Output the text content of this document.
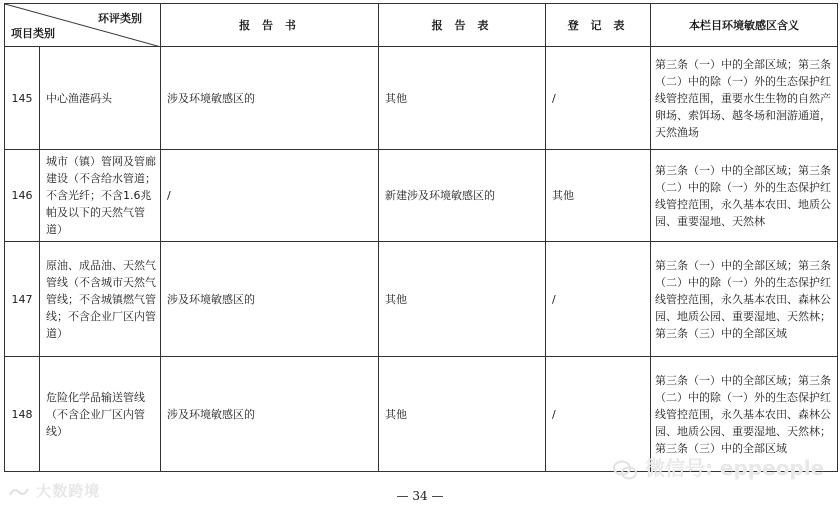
环评类别
项目类别		报 告 书	报 告 表	登 记 表	本栏目环境敏感区含义
145	中心渔港码头	涉及环境敏感区的	其他	/	第三条（一）中的全部区域；第三条（二）中的除（一）外的生态保护红线管控范围，重要水生生物的自然产卵场、索饵场、越冬场和洄游通道，天然渔场
146	城市（镇）管网及管廊建设（不含给水管道；不含光纤；不含1.6兆帕及以下的天然气管道）	/	新建涉及环境敏感区的	其他	第三条（一）中的全部区域；第三条（二）中的除（一）外的生态保护红线管控范围，永久基本农田、地质公园、重要湿地、天然林
147	原油、成品油、天然气管线（不含城市天然气管线；不含城镇燃气管线；不含企业厂区内管道）	涉及环境敏感区的	其他	/	第三条（一）中的全部区域；第三条（二）中的除（一）外的生态保护红线管控范围，永久基本农田、森林公园、地质公园、重要湿地、天然林；第三条（三）中的全部区域
148	危险化学品输送管线（不含企业厂区内管线）	涉及环境敏感区的	其他	/	第三条（一）中的全部区域；第三条（二）中的除（一）外的生态保护红线管控范围，永久基本农田、森林公园、地质公园、重要湿地、天然林；第三条（三）中的全部区域
微信号: eppeople
大数跨境	— 34 —
